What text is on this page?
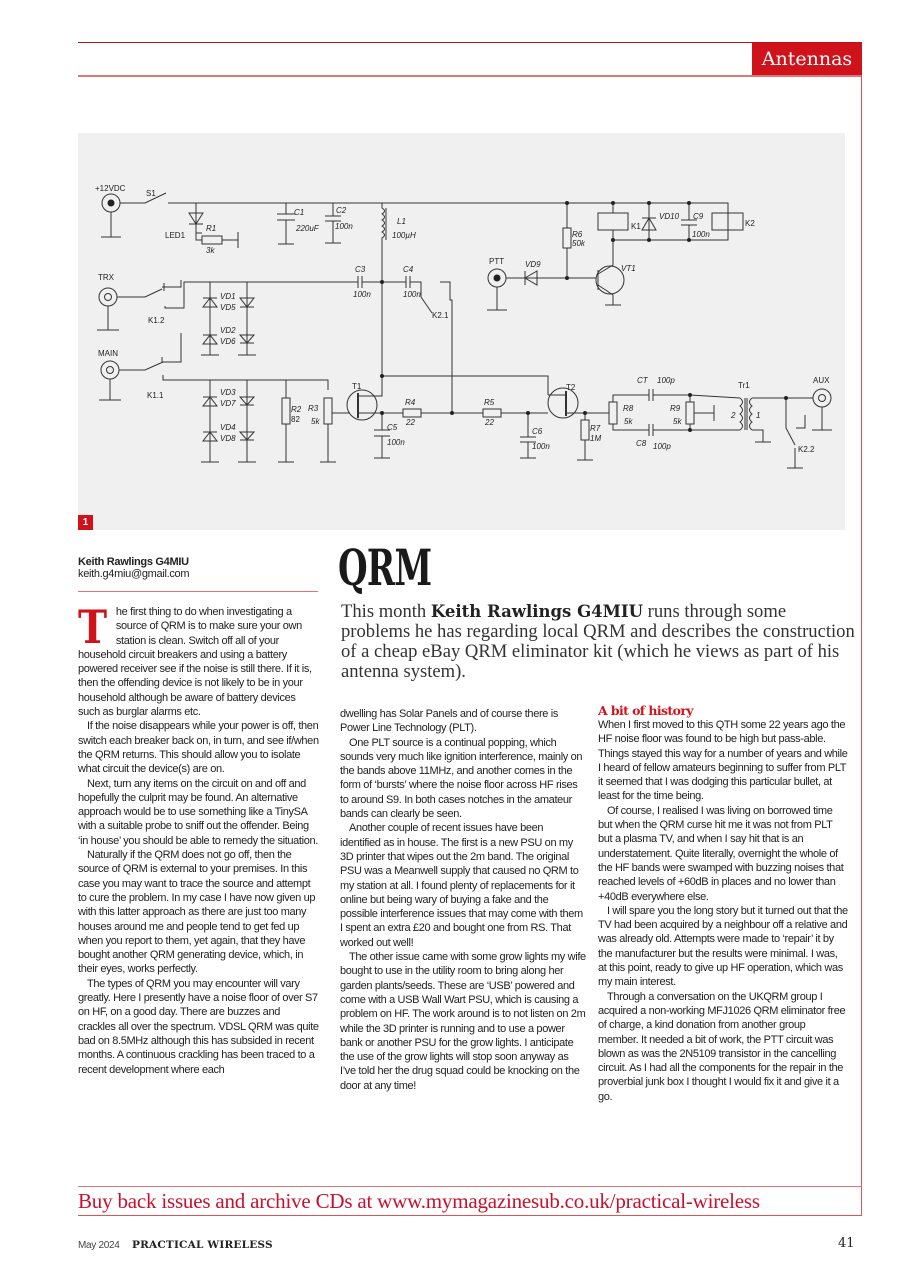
Antennas
+12VDC
S1
LED1
R1
3k
C1
220uF
C2
100n
L1
100µH
TRX
K1.2
C3
100n
C4
100n
K2.1
VD1
VD5
VD2
VD6
MAIN
K1.1	VD3
VD7
VD4
VD8
R2
82
R3
5k
T1
C5
100n
R4
22
R5
22
C6
100n
T2
R7
1M
CT 100p
R8
5k
C8 100p
R9
5k
Tr1
2	1
AUX
K2.2
PTT	VD9
R6
50k
VT1
K1
VD10 C9
100n
K2
1
Keith Rawlings G4MIU
keith.g4miu@gmail.com	QRM
This month Keith Rawlings G4MIU runs through some problems he has regarding local QRM and describes the construction of a cheap eBay QRM eliminator kit (which he views as part of his antenna system).
T he first thing to do when investigating a source of QRM is to make sure your own station is clean. Switch off all of your household circuit breakers and using a battery powered receiver see if the noise is still there. If it is, then the offending device is not likely to be in your household although be aware of battery devices such as burglar alarms etc.

If the noise disappears while your power is off, then switch each breaker back on, in turn, and see if/when the QRM returns. This should allow you to isolate what circuit the device(s) are on.

Next, turn any items on the circuit on and off and hopefully the culprit may be found. An alternative approach would be to use something like a TinySA with a suitable probe to sniff out the offender. Being ‘in house’ you should be able to remedy the situation.

Naturally if the QRM does not go off, then the source of QRM is external to your premises. In this case you may want to trace the source and attempt to cure the problem. In my case I have now given up with this latter approach as there are just too many houses around me and people tend to get fed up when you report to them, yet again, that they have bought another QRM generating device, which, in their eyes, works perfectly.

The types of QRM you may encounter will vary greatly. Here I presently have a noise floor of over S7 on HF, on a good day. There are buzzes and crackles all over the spectrum. VDSL QRM was quite bad on 8.5MHz although this has subsided in recent months. A continuous crackling has been traced to a recent development where each

dwelling has Solar Panels and of course there is Power Line Technology (PLT).

One PLT source is a continual popping, which sounds very much like ignition interference, mainly on the bands above 11MHz, and another comes in the form of ‘bursts’ where the noise floor across HF rises to around S9. In both cases notches in the amateur bands can clearly be seen.

Another couple of recent issues have been identified as in house. The first is a new PSU on my 3D printer that wipes out the 2m band. The original PSU was a Meanwell supply that caused no QRM to my station at all. I found plenty of replacements for it online but being wary of buying a fake and the possible interference issues that may come with them I spent an extra £20 and bought one from RS. That worked out well!

The other issue came with some grow lights my wife bought to use in the utility room to bring along her garden plants/seeds. These are ‘USB’ powered and come with a USB Wall Wart PSU, which is causing a problem on HF. The work around is to not listen on 2m while the 3D printer is running and to use a power bank or another PSU for the grow lights. I anticipate the use of the grow lights will stop soon anyway as I’ve told her the drug squad could be knocking on the door at any time!

A bit of history

When I first moved to this QTH some 22 years ago the HF noise floor was found to be high but pass-able. Things stayed this way for a number of years and while I heard of fellow amateurs beginning to suffer from PLT it seemed that I was dodging this particular bullet, at least for the time being.

Of course, I realised I was living on borrowed time but when the QRM curse hit me it was not from PLT but a plasma TV, and when I say hit that is an understatement. Quite literally, overnight the whole of the HF bands were swamped with buzzing noises that reached levels of +60dB in places and no lower than +40dB everywhere else.

I will spare you the long story but it turned out that the TV had been acquired by a neighbour off a relative and was already old. Attempts were made to ‘repair’ it by the manufacturer but the results were minimal. I was, at this point, ready to give up HF operation, which was my main interest.

Through a conversation on the UKQRM group I acquired a non-working MFJ1026 QRM eliminator free of charge, a kind donation from another group member. It needed a bit of work, the PTT circuit was blown as was the 2N5109 transistor in the cancelling circuit. As I had all the components for the repair in the proverbial junk box I thought I would fix it and give it a go.

Buy back issues and archive CDs at www.mymagazinesub.co.uk/practical-wireless
May 2024 PRACTICAL WIRELESS	41
